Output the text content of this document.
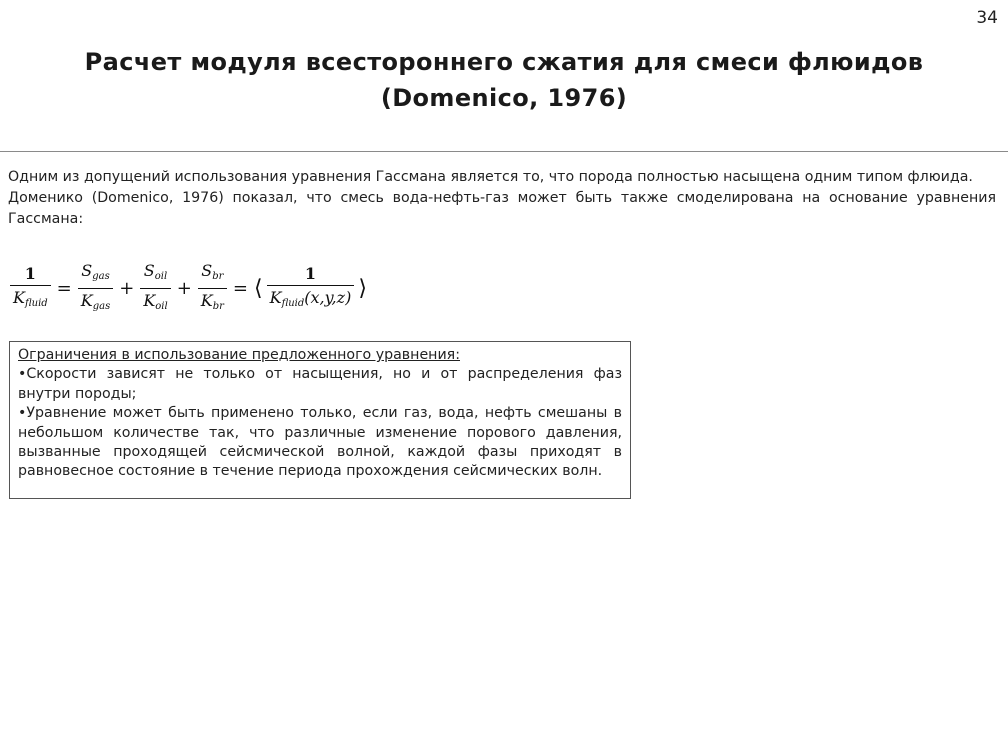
34
Расчет модуля всестороннего сжатия для смеси флюидов
(Domenico, 1976)

Одним из допущений использования уравнения Гассмана является то, что порода полностью насыщена одним типом флюида.

Доменико (Domenico, 1976) показал, что смесь вода-нефть-газ может быть также смоделирована на основание уравнения Гассмана:

$\frac{1}{K_{fluid}} = \frac{S_{gas}}{K_{gas}} + \frac{S_{oil}}{K_{oil}} + \frac{S_{br}}{K_{br}}$ = ⟨ $\frac{1}{K_{fluid}(x,y,z)}$ ⟩

Ограничения в использование предложенного уравнения:

•Скорости зависят не только от насыщения, но и от распределения фаз внутри породы;

•Уравнение может быть применено только, если газ, вода, нефть смешаны в небольшом количестве так, что различные изменение порового давления, вызванные проходящей сейсмической волной, каждой фазы приходят в равновесное состояние в течение периода прохождения сейсмических волн.
